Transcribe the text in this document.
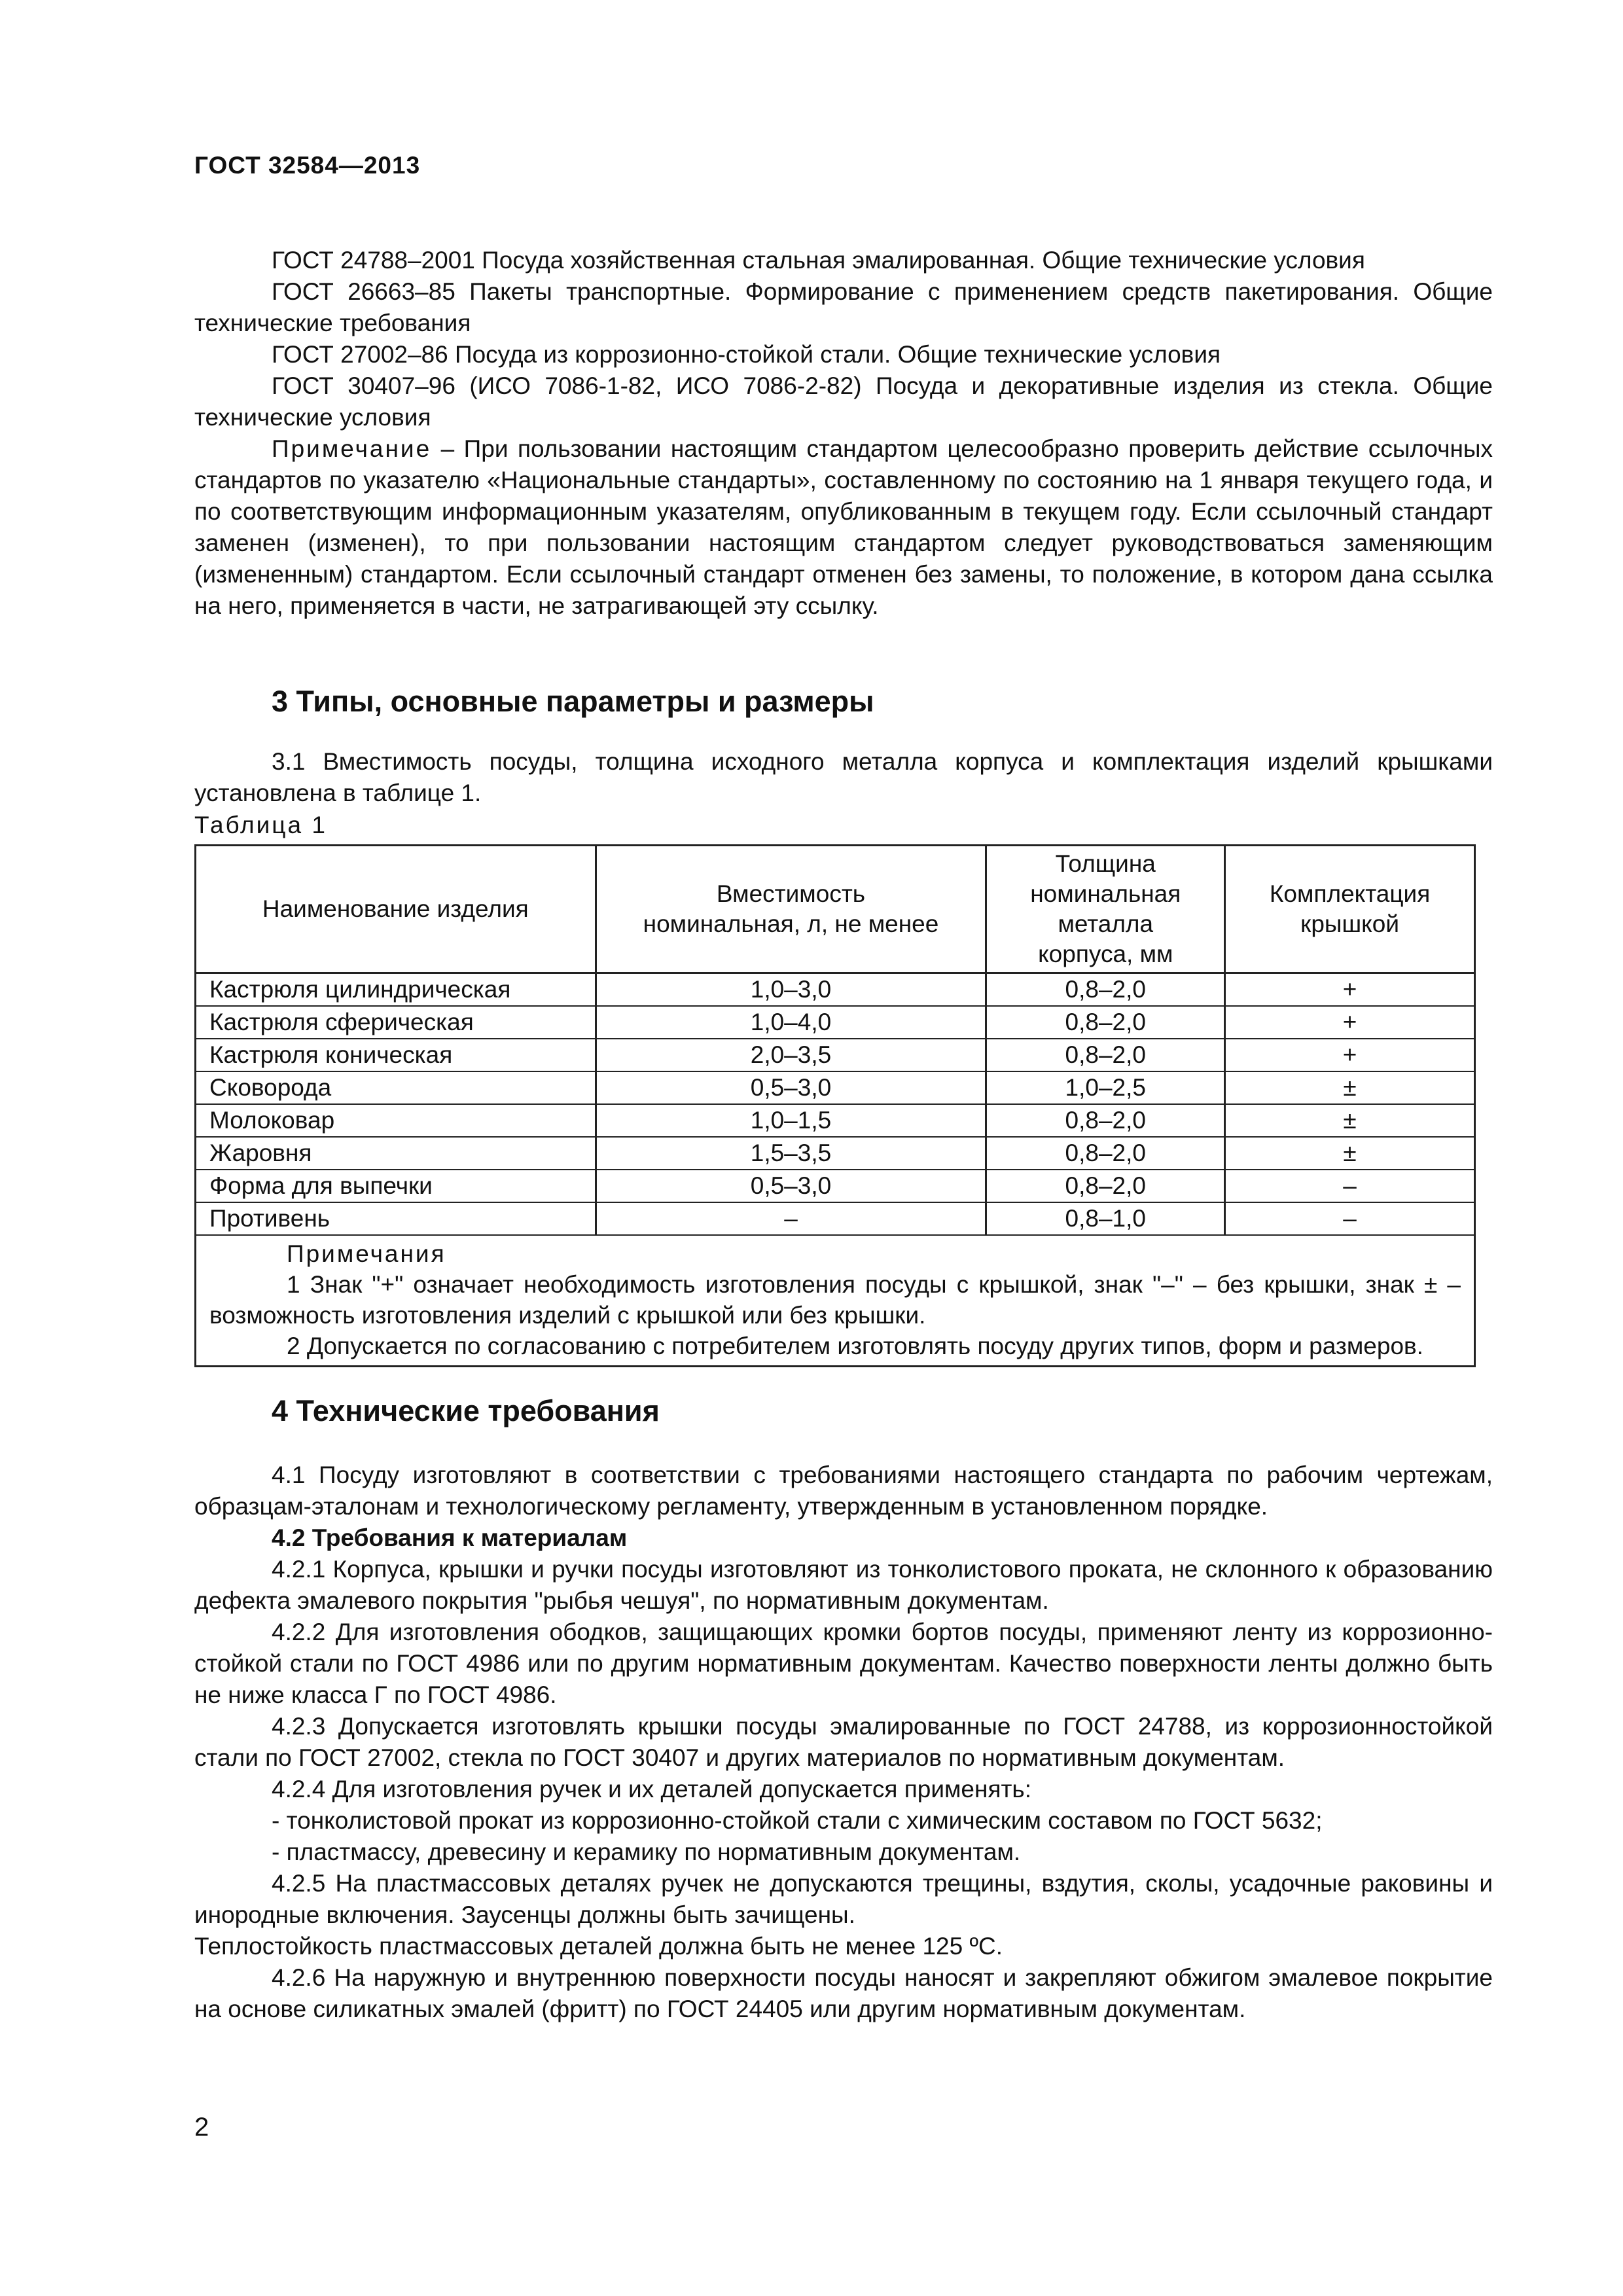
ГОСТ 32584—2013

ГОСТ 24788–2001 Посуда хозяйственная стальная эмалированная. Общие технические условия

ГОСТ 26663–85 Пакеты транспортные. Формирование с применением средств пакетирования. Общие технические требования

ГОСТ 27002–86 Посуда из коррозионно-стойкой стали. Общие технические условия

ГОСТ 30407–96 (ИСО 7086-1-82, ИСО 7086-2-82) Посуда и декоративные изделия из стекла. Общие технические условия

Примечание – При пользовании настоящим стандартом целесообразно проверить действие ссылочных стандартов по указателю «Национальные стандарты», составленному по состоянию на 1 января текущего года, и по соответствующим информационным указателям, опубликованным в текущем году. Если ссылочный стандарт заменен (изменен), то при пользовании настоящим стандартом следует руководствоваться заменяющим (измененным) стандартом. Если ссылочный стандарт отменен без замены, то положение, в котором дана ссылка на него, применяется в части, не затрагивающей эту ссылку.

3 Типы, основные параметры и размеры

3.1 Вместимость посуды, толщина исходного металла корпуса и комплектация изделий крышками установлена в таблице 1.

Таблица 1
Наименование изделия	Вместимость номинальная, л, не менее	Толщина номинальная металла корпуса, мм	Комплектация крышкой
Кастрюля цилиндрическая	1,0–3,0	0,8–2,0	+
Кастрюля сферическая	1,0–4,0	0,8–2,0	+
Кастрюля коническая	2,0–3,5	0,8–2,0	+
Сковорода	0,5–3,0	1,0–2,5	±
Молоковар	1,0–1,5	0,8–2,0	±
Жаровня	1,5–3,5	0,8–2,0	±
Форма для выпечки	0,5–3,0	0,8–2,0	–
Противень	–	0,8–1,0	–

Примечания

1 Знак "+" означает необходимость изготовления посуды с крышкой, знак "–" – без крышки, знак ± – возможность изготовления изделий с крышкой или без крышки.

2 Допускается по согласованию с потребителем изготовлять посуду других типов, форм и размеров.			

4 Технические требования

4.1 Посуду изготовляют в соответствии с требованиями настоящего стандарта по рабочим чертежам, образцам-эталонам и технологическому регламенту, утвержденным в установленном порядке.

4.2 Требования к материалам

4.2.1 Корпуса, крышки и ручки посуды изготовляют из тонколистового проката, не склонного к образованию дефекта эмалевого покрытия "рыбья чешуя", по нормативным документам.

4.2.2 Для изготовления ободков, защищающих кромки бортов посуды, применяют ленту из коррозионно-стойкой стали по ГОСТ 4986 или по другим нормативным документам. Качество поверхности ленты должно быть не ниже класса Г по ГОСТ 4986.

4.2.3 Допускается изготовлять крышки посуды эмалированные по ГОСТ 24788, из коррозионностойкой стали по ГОСТ 27002, стекла по ГОСТ 30407 и других материалов по нормативным документам.

4.2.4 Для изготовления ручек и их деталей допускается применять:

- тонколистовой прокат из коррозионно-стойкой стали с химическим составом по ГОСТ 5632;

- пластмассу, древесину и керамику по нормативным документам.

4.2.5 На пластмассовых деталях ручек не допускаются трещины, вздутия, сколы, усадочные раковины и инородные включения. Заусенцы должны быть зачищены.

Теплостойкость пластмассовых деталей должна быть не менее 125 ºС.

4.2.6 На наружную и внутреннюю поверхности посуды наносят и закрепляют обжигом эмалевое покрытие на основе силикатных эмалей (фритт) по ГОСТ 24405 или другим нормативным документам.

2
